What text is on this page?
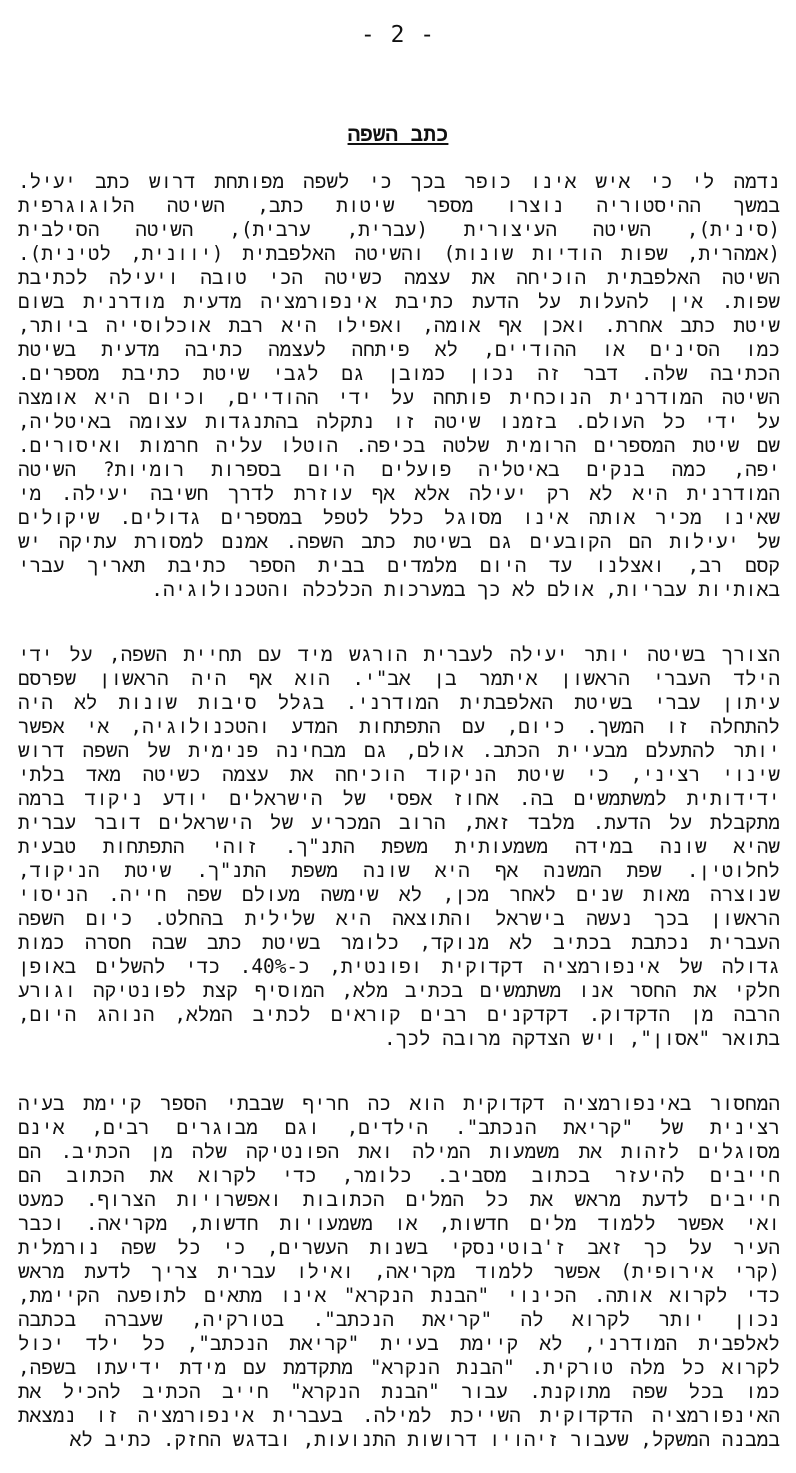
- 2 -
כתב השפה
נדמה לי כי איש אינו כופר בכך כי לשפה מפותחת דרוש כתב יעיל.
במשך ההיסטוריה נוצרו מספר שיטות כתב, השיטה הלוגוגרפית
(סינית), השיטה העיצורית (עברית, ערבית), השיטה הסילבית
(אמהרית, שפות הודיות שונות) והשיטה האלפבתית (יוונית, לטינית).
השיטה האלפבתית הוכיחה את עצמה כשיטה הכי טובה ויעילה לכתיבת
שפות. אין להעלות על הדעת כתיבת אינפורמציה מדעית מודרנית בשום
שיטת כתב אחרת. ואכן אף אומה, ואפילו היא רבת אוכלוסייה ביותר,
כמו הסינים או ההודיים, לא פיתחה לעצמה כתיבה מדעית בשיטת
הכתיבה שלה. דבר זה נכון כמובן גם לגבי שיטת כתיבת מספרים.
השיטה המודרנית הנוכחית פותחה על ידי ההודיים, וכיום היא אומצה
על ידי כל העולם. בזמנו שיטה זו נתקלה בהתנגדות עצומה באיטליה,
שם שיטת המספרים הרומית שלטה בכיפה. הוטלו עליה חרמות ואיסורים.
יפה, כמה בנקים באיטליה פועלים היום בספרות רומיות? השיטה
המודרנית היא לא רק יעילה אלא אף עוזרת לדרך חשיבה יעילה. מי
שאינו מכיר אותה אינו מסוגל כלל לטפל במספרים גדולים. שיקולים
של יעילות הם הקובעים גם בשיטת כתב השפה. אמנם למסורת עתיקה יש
קסם רב, ואצלנו עד היום מלמדים בבית הספר כתיבת תאריך עברי
באותיות עבריות, אולם לא כך במערכות הכלכלה והטכנולוגיה.
הצורך בשיטה יותר יעילה לעברית הורגש מיד עם תחיית השפה, על ידי
הילד העברי הראשון איתמר בן אב"י. הוא אף היה הראשון שפרסם
עיתון עברי בשיטת האלפבתית המודרני. בגלל סיבות שונות לא היה
להתחלה זו המשך. כיום, עם התפתחות המדע והטכנולוגיה, אי אפשר
יותר להתעלם מבעיית הכתב. אולם, גם מבחינה פנימית של השפה דרוש
שינוי רציני, כי שיטת הניקוד הוכיחה את עצמה כשיטה מאד בלתי
ידידותית למשתמשים בה. אחוז אפסי של הישראלים יודע ניקוד ברמה
מתקבלת על הדעת. מלבד זאת, הרוב המכריע של הישראלים דובר עברית
שהיא שונה במידה משמעותית משפת התנ"ך. זוהי התפתחות טבעית
לחלוטין. שפת המשנה אף היא שונה משפת התנ"ך. שיטת הניקוד,
שנוצרה מאות שנים לאחר מכן, לא שימשה מעולם שפה חייה. הניסוי
הראשון בכך נעשה בישראל והתוצאה היא שלילית בהחלט. כיום השפה
העברית נכתבת בכתיב לא מנוקד, כלומר בשיטת כתב שבה חסרה כמות
גדולה של אינפורמציה דקדוקית ופונטית, כ-40%. כדי להשלים באופן
חלקי את החסר אנו משתמשים בכתיב מלא, המוסיף קצת לפונטיקה וגורע
הרבה מן הדקדוק. דקדקנים רבים קוראים לכתיב המלא, הנוהג היום,
בתואר "אסון", ויש הצדקה מרובה לכך.
המחסור באינפורמציה דקדוקית הוא כה חריף שבבתי הספר קיימת בעיה
רצינית של "קריאת הנכתב". הילדים, וגם מבוגרים רבים, אינם
מסוגלים לזהות את משמעות המילה ואת הפונטיקה שלה מן הכתיב. הם
חייבים להיעזר בכתוב מסביב. כלומר, כדי לקרוא את הכתוב הם
חייבים לדעת מראש את כל המלים הכתובות ואפשרויות הצרוף. כמעט
ואי אפשר ללמוד מלים חדשות, או משמעויות חדשות, מקריאה. וכבר
העיר על כך זאב ז'בוטינסקי בשנות העשרים, כי כל שפה נורמלית
(קרי אירופית) אפשר ללמוד מקריאה, ואילו עברית צריך לדעת מראש
כדי לקרוא אותה. הכינוי "הבנת הנקרא" אינו מתאים לתופעה הקיימת,
נכון יותר לקרוא לה "קריאת הנכתב". בטורקיה, שעברה בכתבה
לאלפבית המודרני, לא קיימת בעיית "קריאת הנכתב", כל ילד יכול
לקרוא כל מלה טורקית. "הבנת הנקרא" מתקדמת עם מידת ידיעתו בשפה,
כמו בכל שפה מתוקנת. עבור "הבנת הנקרא" חייב הכתיב להכיל את
האינפורמציה הדקדוקית השייכת למילה. בעברית אינפורמציה זו נמצאת
במבנה המשקל, שעבור זיהויו דרושות התנועות, ובדגש החזק. כתיב לא
